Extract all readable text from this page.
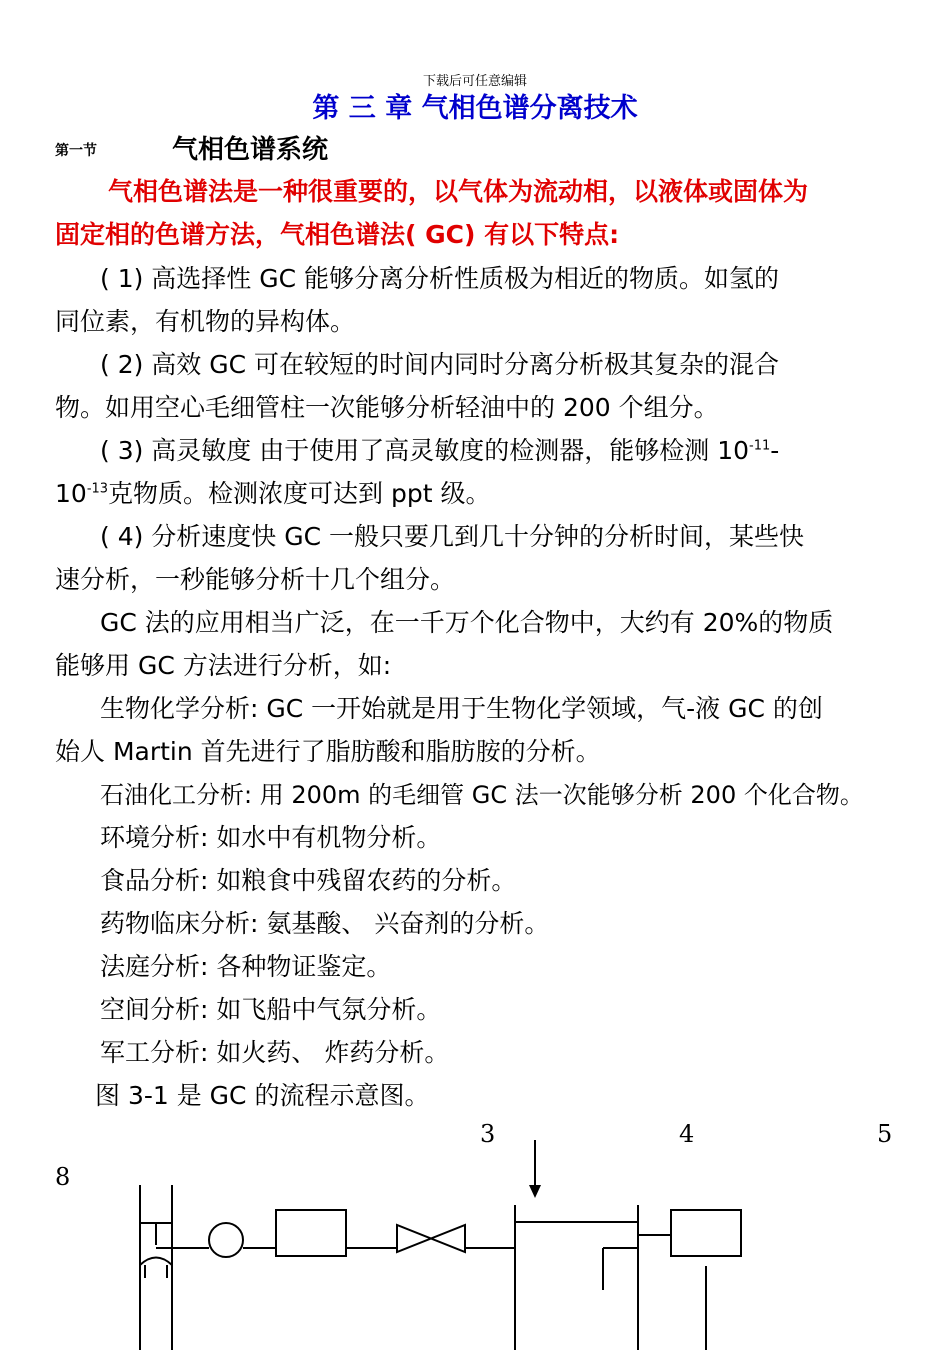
下载后可任意编辑
第 三 章 气相色谱分离技术
第一节	气相色谱系统
气相色谱法是一种很重要的，以气体为流动相，以液体或固体为
固定相的色谱方法，气相色谱法( GC) 有以下特点:
( 1) 高选择性 GC 能够分离分析性质极为相近的物质。如氢的
同位素，有机物的异构体。
( 2) 高效 GC 可在较短的时间内同时分离分析极其复杂的混合
物。如用空心毛细管柱一次能够分析轻油中的 200 个组分。
( 3) 高灵敏度 由于使用了高灵敏度的检测器，能够检测 $10^{-11}-$
$10^{-13}$克物质。检测浓度可达到 ppt 级。
( 4) 分析速度快 GC 一般只要几到几十分钟的分析时间，某些快
速分析，一秒能够分析十几个组分。
GC 法的应用相当广泛，在一千万个化合物中，大约有 20%的物质
能够用 GC 方法进行分析，如:
生物化学分析: GC 一开始就是用于生物化学领域，气-液 GC 的创
始人 Martin 首先进行了脂肪酸和脂肪胺的分析。
石油化工分析: 用 200m 的毛细管 GC 法一次能够分析 200 个化合物。
环境分析: 如水中有机物分析。
食品分析: 如粮食中残留农药的分析。
药物临床分析: 氨基酸、 兴奋剂的分析。
法庭分析: 各种物证鉴定。
空间分析: 如飞船中气氛分析。
军工分析: 如火药、 炸药分析。
图 3-1 是 GC 的流程示意图。
3	4	5
8
